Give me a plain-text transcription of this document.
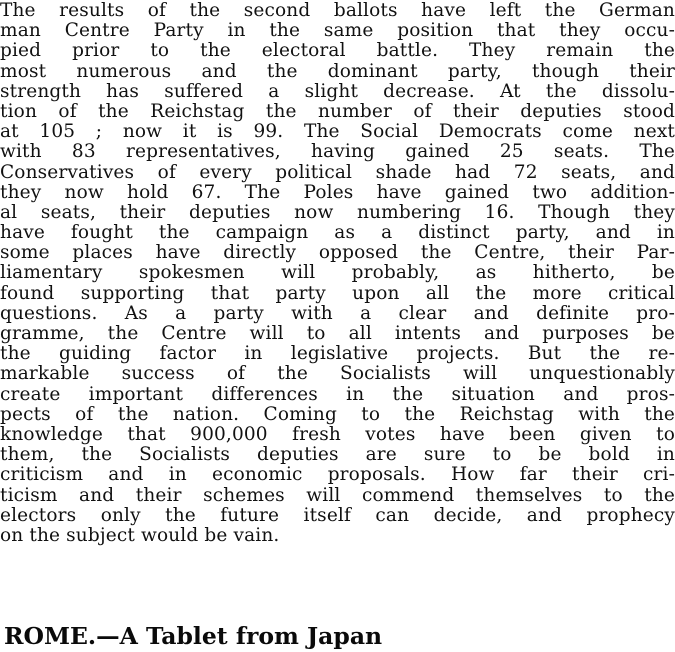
The results of the second ballots have left the German
man Centre Party in the same position that they occu-
pied prior to the electoral battle. They remain the
most numerous and the dominant party, though their
strength has suffered a slight decrease. At the dissolu-
tion of the Reichstag the number of their deputies stood
at 105 ; now it is 99. The Social Democrats come next
with 83 representatives, having gained 25 seats. The
Conservatives of every political shade had 72 seats, and
they now hold 67. The Poles have gained two addition-
al seats, their deputies now numbering 16. Though they
have fought the campaign as a distinct party, and in
some places have directly opposed the Centre, their Par-
liamentary spokesmen will probably, as hitherto, be
found supporting that party upon all the more critical
questions. As a party with a clear and definite pro-
gramme, the Centre will to all intents and purposes be
the guiding factor in legislative projects. But the re-
markable success of the Socialists will unquestionably
create important differences in the situation and pros-
pects of the nation. Coming to the Reichstag with the
knowledge that 900,000 fresh votes have been given to
them, the Socialists deputies are sure to be bold in
criticism and in economic proposals. How far their cri-
ticism and their schemes will commend themselves to the
electors only the future itself can decide, and prophecy
on the subject would be vain.

ROME.—A Tablet from Japan
